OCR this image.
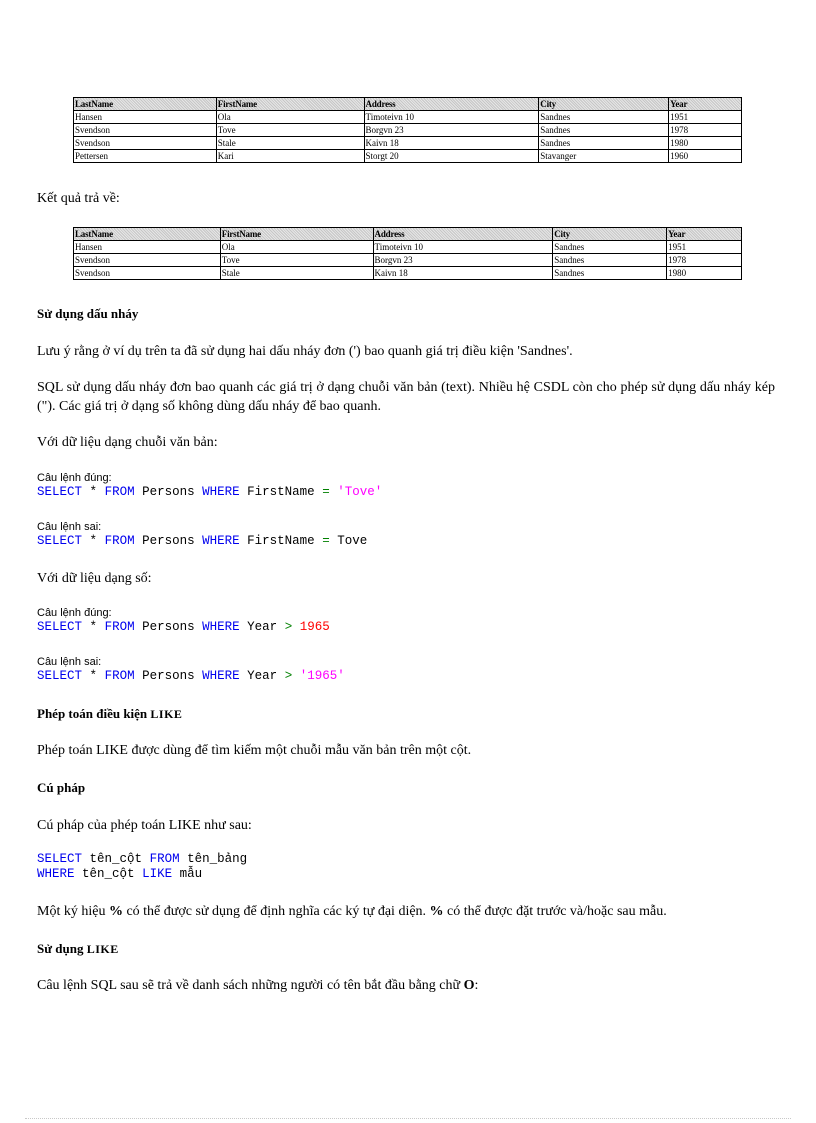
LastName	FirstName	Address	City	Year
Hansen	Ola	Timoteivn 10	Sandnes	1951
Svendson	Tove	Borgvn 23	Sandnes	1978
Svendson	Stale	Kaivn 18	Sandnes	1980
Pettersen	Kari	Storgt 20	Stavanger	1960
Kết quả trả về:
LastName	FirstName	Address	City	Year
Hansen	Ola	Timoteivn 10	Sandnes	1951
Svendson	Tove	Borgvn 23	Sandnes	1978
Svendson	Stale	Kaivn 18	Sandnes	1980
Sử dụng dấu nháy
Lưu ý rằng ở ví dụ trên ta đã sử dụng hai dấu nháy đơn (') bao quanh giá trị điều kiện 'Sandnes'.
SQL sử dụng dấu nháy đơn bao quanh các giá trị ở dạng chuỗi văn bản (text). Nhiều hệ CSDL còn cho phép sử dụng dấu nháy kép ("). Các giá trị ở dạng số không dùng dấu nháy để bao quanh.
Với dữ liệu dạng chuỗi văn bản:
Câu lệnh đúng:
SELECT * FROM Persons WHERE FirstName = 'Tove'
Câu lệnh sai:
SELECT * FROM Persons WHERE FirstName = Tove
Với dữ liệu dạng số:
Câu lệnh đúng:
SELECT * FROM Persons WHERE Year > 1965
Câu lệnh sai:
SELECT * FROM Persons WHERE Year > '1965'
Phép toán điều kiện LIKE
Phép toán LIKE được dùng để tìm kiếm một chuỗi mẫu văn bản trên một cột.
Cú pháp
Cú pháp của phép toán LIKE như sau:
SELECT tên_cột FROM tên_bảng
WHERE tên_cột LIKE mẫu
Một ký hiệu % có thể được sử dụng để định nghĩa các ký tự đại diện. % có thể được đặt trước và/hoặc sau mẫu.
Sử dụng LIKE
Câu lệnh SQL sau sẽ trả về danh sách những người có tên bắt đầu bằng chữ O:
